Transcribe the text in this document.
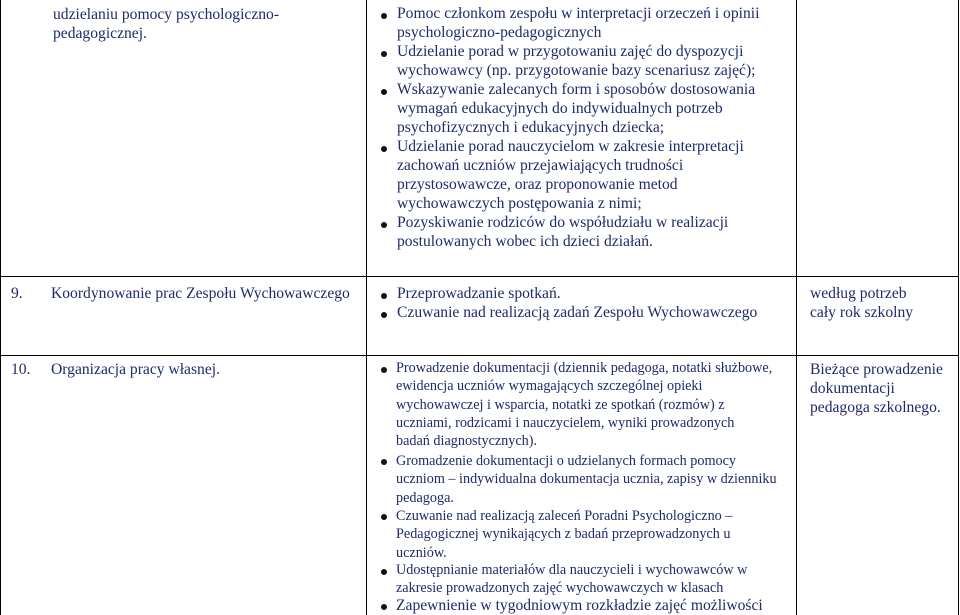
udzielaniu pomocy psychologiczno-
pedagogicznej.
Pomoc członkom zespołu w interpretacji orzeczeń i opinii
psychologiczno-pedagogicznych
Udzielanie porad w przygotowaniu zajęć do dyspozycji
wychowawcy (np. przygotowanie bazy scenariusz zajęć);
Wskazywanie zalecanych form i sposobów dostosowania
wymagań edukacyjnych do indywidualnych potrzeb
psychofizycznych i edukacyjnych dziecka;
Udzielanie porad nauczycielom w zakresie interpretacji
zachowań uczniów przejawiających trudności
przystosowawcze, oraz proponowanie metod
wychowawczych postępowania z nimi;
Pozyskiwanie rodziców do współudziału w realizacji
postulowanych wobec ich dzieci działań.
9. Koordynowanie prac Zespołu Wychowawczego	Przeprowadzanie spotkań.
Czuwanie nad realizacją zadań Zespołu Wychowawczego
według potrzeb
cały rok szkolny
10. Organizacja pracy własnej.	Prowadzenie dokumentacji (dziennik pedagoga, notatki służbowe,
ewidencja uczniów wymagających szczególnej opieki
wychowawczej i wsparcia, notatki ze spotkań (rozmów) z
uczniami, rodzicami i nauczycielem, wyniki prowadzonych
badań diagnostycznych).
Gromadzenie dokumentacji o udzielanych formach pomocy
uczniom – indywidualna dokumentacja ucznia, zapisy w dzienniku
pedagoga.
Czuwanie nad realizacją zaleceń Poradni Psychologiczno –
Pedagogicznej wynikających z badań przeprowadzonych u
uczniów.
Udostępnianie materiałów dla nauczycieli i wychowawców w
zakresie prowadzonych zajęć wychowawczych w klasach
Zapewnienie w tygodniowym rozkładzie zajęć możliwości
Bieżące prowadzenie
dokumentacji
pedagoga szkolnego.
